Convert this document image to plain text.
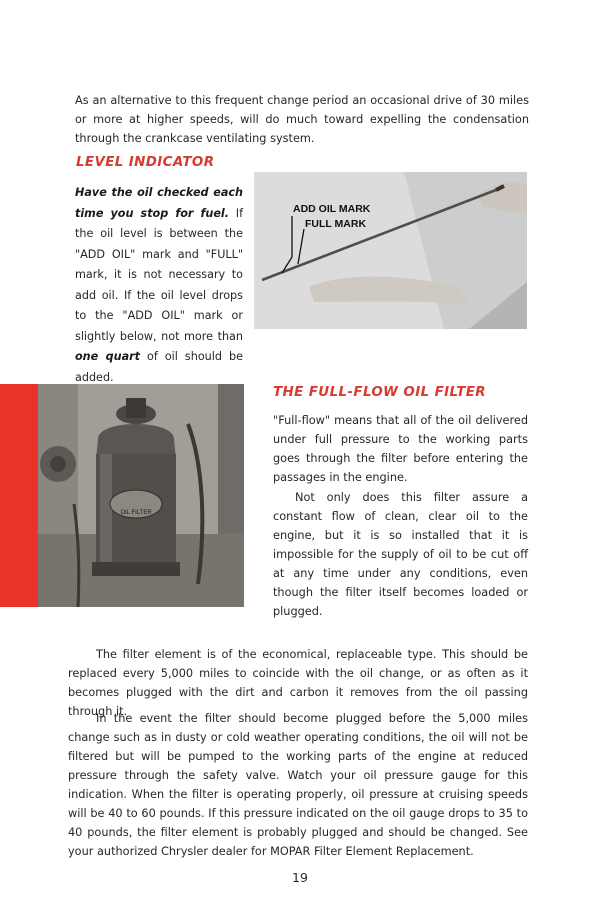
As an alternative to this frequent change period an occasional drive of 30 miles or more at higher speeds, will do much toward expelling the condensation through the crankcase ventilating system.

LEVEL INDICATOR

Have the oil checked each time you stop for fuel. If the oil level is between the "ADD OIL" mark and "FULL" mark, it is not necessary to add oil. If the oil level drops to the "ADD OIL" mark or slightly below, not more than one quart of oil should be added.

ADD OIL MARK
FULL MARK
OIL FILTER
THE FULL-FLOW OIL FILTER

"Full-flow" means that all of the oil delivered under full pressure to the working parts goes through the filter before entering the passages in the engine.

Not only does this filter assure a constant flow of clean, clear oil to the engine, but it is so installed that it is impossible for the supply of oil to be cut off at any time under any conditions, even though the filter itself becomes loaded or plugged.

The filter element is of the economical, replaceable type. This should be replaced every 5,000 miles to coincide with the oil change, or as often as it becomes plugged with the dirt and carbon it removes from the oil passing through it.

In the event the filter should become plugged before the 5,000 miles change such as in dusty or cold weather operating conditions, the oil will not be filtered but will be pumped to the working parts of the engine at reduced pressure through the safety valve. Watch your oil pressure gauge for this indication. When the filter is operating properly, oil pressure at cruising speeds will be 40 to 60 pounds. If this pressure indicated on the oil gauge drops to 35 to 40 pounds, the filter element is probably plugged and should be changed. See your authorized Chrysler dealer for MOPAR Filter Element Replacement.

19
